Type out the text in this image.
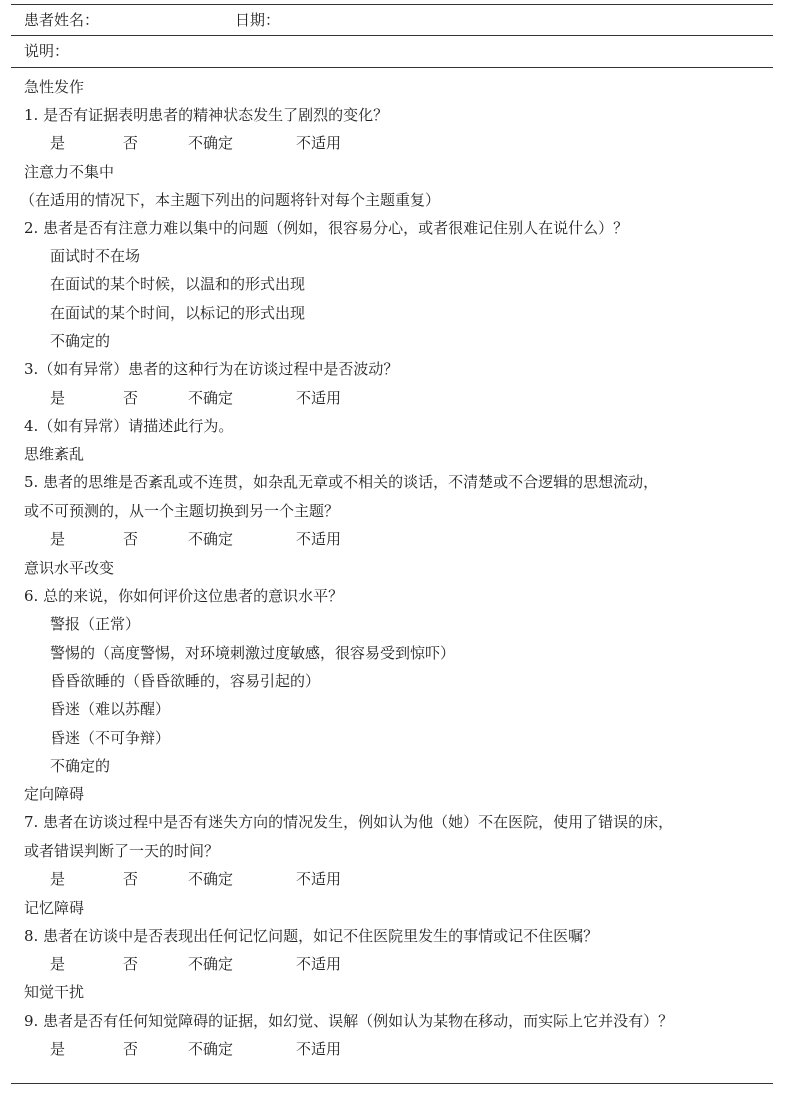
患者姓名：	日期：
说明：
急性发作
1. 是否有证据表明患者的精神状态发生了剧烈的变化？
是	否	不确定	不适用
注意力不集中
（在适用的情况下，本主题下列出的问题将针对每个主题重复）
2. 患者是否有注意力难以集中的问题（例如，很容易分心，或者很难记住别人在说什么）？
面试时不在场
在面试的某个时候，以温和的形式出现
在面试的某个时间，以标记的形式出现
不确定的
3.（如有异常）患者的这种行为在访谈过程中是否波动？
是	否	不确定	不适用
4.（如有异常）请描述此行为。
思维紊乱
5. 患者的思维是否紊乱或不连贯，如杂乱无章或不相关的谈话，不清楚或不合逻辑的思想流动，
或不可预测的，从一个主题切换到另一个主题？
是	否	不确定	不适用
意识水平改变
6. 总的来说，你如何评价这位患者的意识水平？
警报（正常）
警惕的（高度警惕，对环境刺激过度敏感，很容易受到惊吓）
昏昏欲睡的（昏昏欲睡的，容易引起的）
昏迷（难以苏醒）
昏迷（不可争辩）
不确定的
定向障碍
7. 患者在访谈过程中是否有迷失方向的情况发生，例如认为他（她）不在医院，使用了错误的床，
或者错误判断了一天的时间？
是	否	不确定	不适用
记忆障碍
8. 患者在访谈中是否表现出任何记忆问题，如记不住医院里发生的事情或记不住医嘱？
是	否	不确定	不适用
知觉干扰
9. 患者是否有任何知觉障碍的证据，如幻觉、误解（例如认为某物在移动，而实际上它并没有）？
是	否	不确定	不适用
